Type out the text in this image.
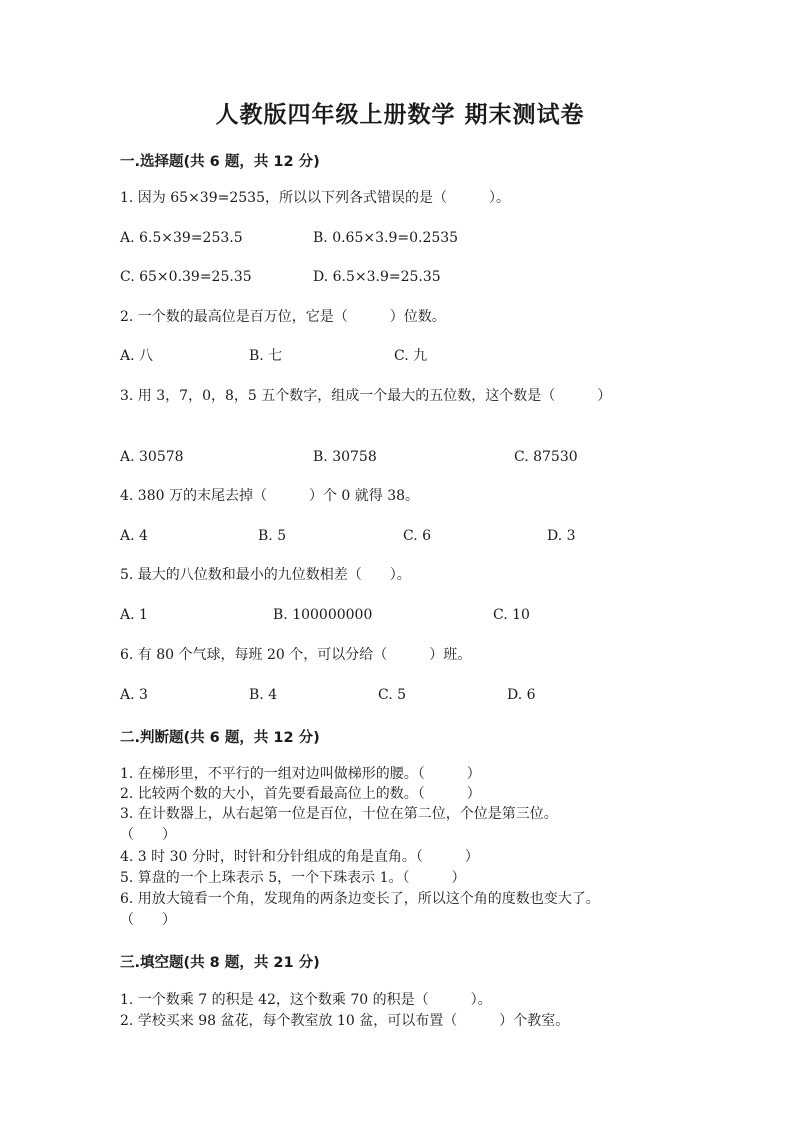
人教版四年级上册数学 期末测试卷
一.选择题(共 6 题，共 12 分)
1. 因为 65×39=2535，所以以下列各式错误的是（　　　）。
A. 6.5×39=253.5	B. 0.65×3.9=0.2535
C. 65×0.39=25.35	D. 6.5×3.9=25.35
2. 一个数的最高位是百万位，它是（　　　）位数。
A. 八	B. 七	C. 九
3. 用 3，7，0，8，5 五个数字，组成一个最大的五位数，这个数是（　　　）
A. 30578	B. 30758	C. 87530
4. 380 万的末尾去掉（　　　）个 0 就得 38。
A. 4	B. 5	C. 6	D. 3
5. 最大的八位数和最小的九位数相差（　　）。
A. 1	B. 100000000	C. 10
6. 有 80 个气球，每班 20 个，可以分给（　　　）班。
A. 3	B. 4	C. 5	D. 6
二.判断题(共 6 题，共 12 分)
1. 在梯形里，不平行的一组对边叫做梯形的腰。（　　　）
2. 比较两个数的大小，首先要看最高位上的数。（　　　）
3. 在计数器上，从右起第一位是百位，十位在第二位，个位是第三位。
（　　）
4. 3 时 30 分时，时针和分针组成的角是直角。（　　　）
5. 算盘的一个上珠表示 5，一个下珠表示 1。（　　　）
6. 用放大镜看一个角，发现角的两条边变长了，所以这个角的度数也变大了。
（　　）
三.填空题(共 8 题，共 21 分)
1. 一个数乘 7 的积是 42，这个数乘 70 的积是（　　　）。
2. 学校买来 98 盆花，每个教室放 10 盆，可以布置（　　　）个教室。
